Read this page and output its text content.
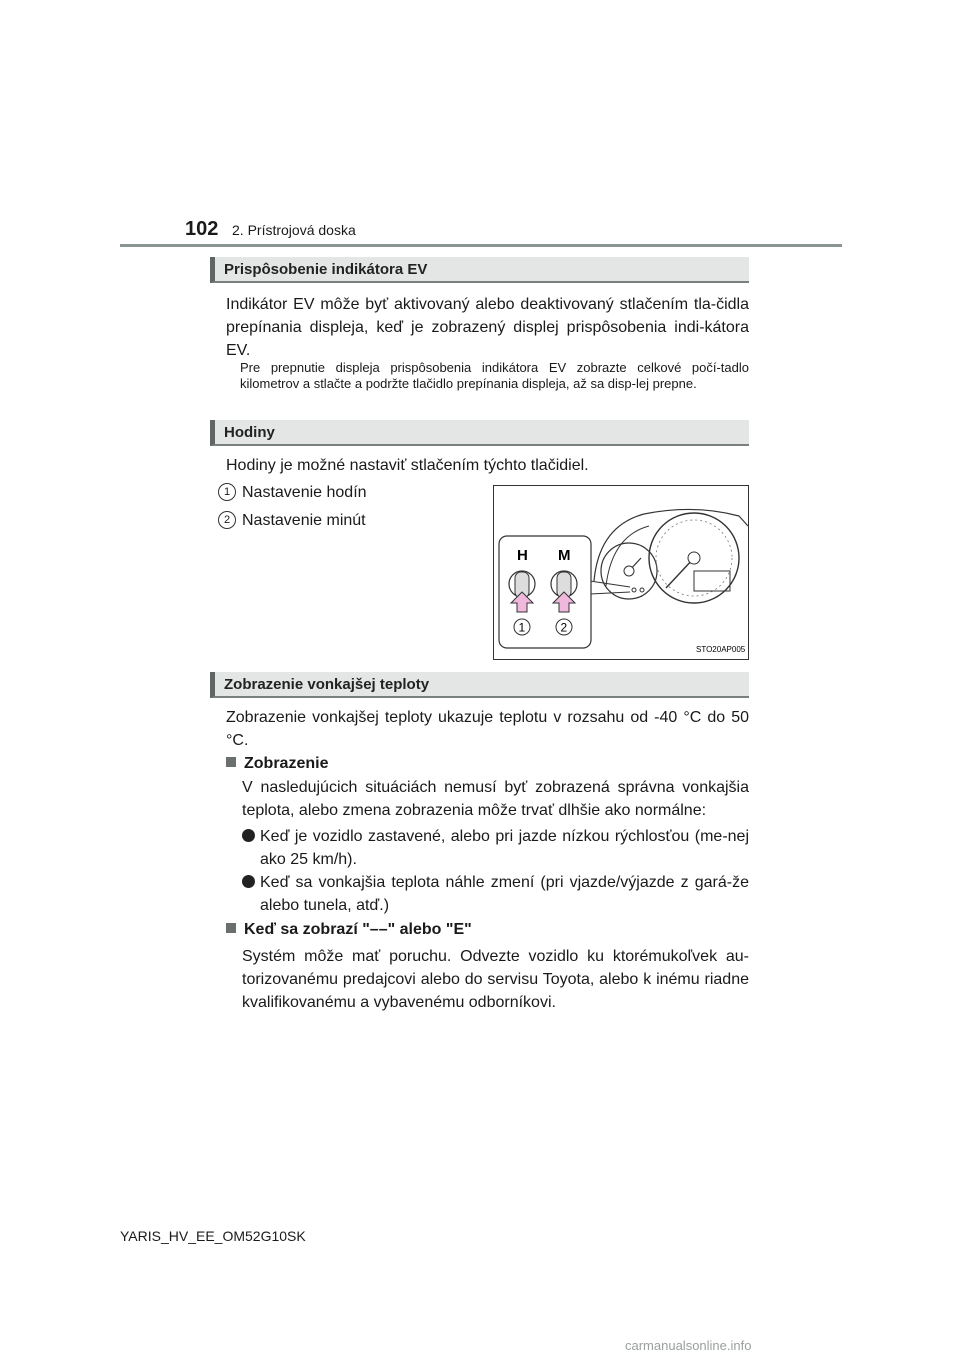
102 2. Prístrojová doska
Prispôsobenie indikátora EV
Indikátor EV môže byť aktivovaný alebo deaktivovaný stlačením tla-čidla prepínania displeja, keď je zobrazený displej prispôsobenia indi-kátora EV.
Pre prepnutie displeja prispôsobenia indikátora EV zobrazte celkové počí-tadlo kilometrov a stlačte a podržte tlačidlo prepínania displeja, až sa disp-lej prepne.
Hodiny
Hodiny je možné nastaviť stlačením týchto tlačidiel.
1 Nastavenie hodín
2 Nastavenie minút
H M
1	2
STO20AP005
Zobrazenie vonkajšej teploty
Zobrazenie vonkajšej teploty ukazuje teplotu v rozsahu od -40 °C do 50 °C.
Zobrazenie
V nasledujúcich situáciách nemusí byť zobrazená správna vonkajšia teplota, alebo zmena zobrazenia môže trvať dlhšie ako normálne:
Keď je vozidlo zastavené, alebo pri jazde nízkou rýchlosťou (me-nej ako 25 km/h).
Keď sa vonkajšia teplota náhle zmení (pri vjazde/výjazde z gará-že alebo tunela, atď.)
Keď sa zobrazí "––" alebo "E"
Systém môže mať poruchu. Odvezte vozidlo ku ktorémukoľvek au-torizovanému predajcovi alebo do servisu Toyota, alebo k inému riadne kvalifikovanému a vybavenému odborníkovi.
YARIS_HV_EE_OM52G10SK
carmanualsonline.info
